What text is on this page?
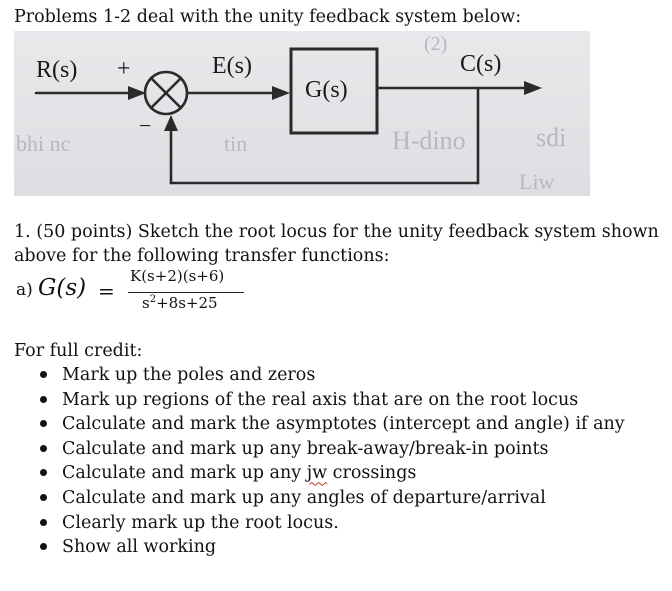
Problems 1-2 deal with the unity feedback system below:
bhi nc	tin	H-dino	sdi
(2)
Liw
R(s) +
−
E(s)
G(s)
C(s)
1. (50 points) Sketch the root locus for the unity feedback system shown
above for the following transfer functions:
a) G(s) =
K(s+2)(s+6)
$s^2+8s+25$
For full credit:
Mark up the poles and zeros
Mark up regions of the real axis that are on the root locus
Calculate and mark the asymptotes (intercept and angle) if any
Calculate and mark up any break-away/break-in points
Calculate and mark up any jw crossings
Calculate and mark up any angles of departure/arrival
Clearly mark up the root locus.
Show all working
